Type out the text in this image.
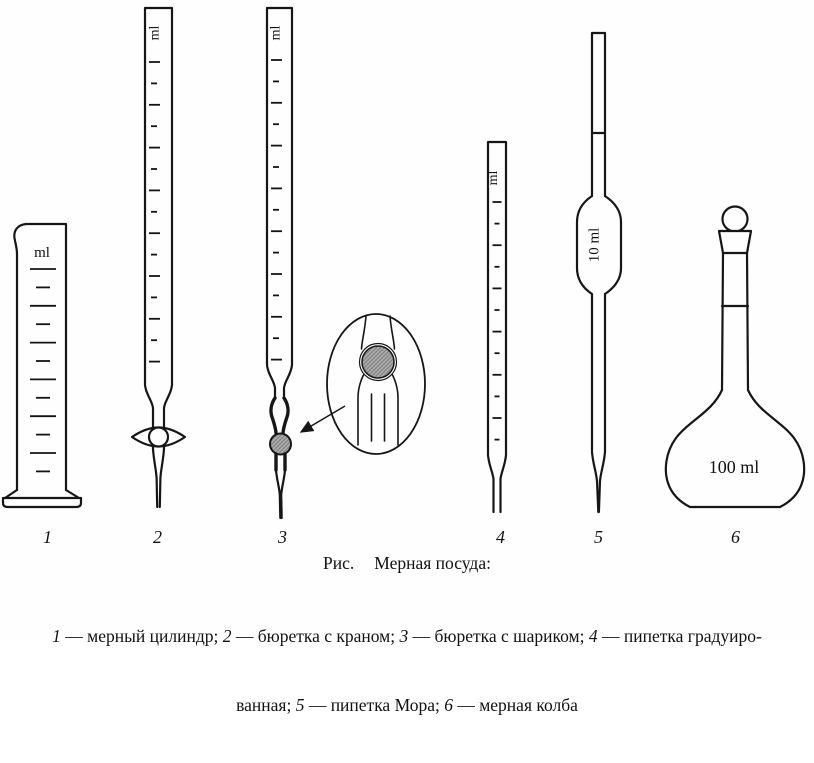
ml
ml	ml
ml
10 ml
100 ml
1	2	3	4	5	6
Рис. Мерная посуда:

1 — мерный цилиндр; 2 — бюретка с краном; 3 — бюретка с шариком; 4 — пипетка градуиро-

ванная; 5 — пипетка Мора; 6 — мерная колба
